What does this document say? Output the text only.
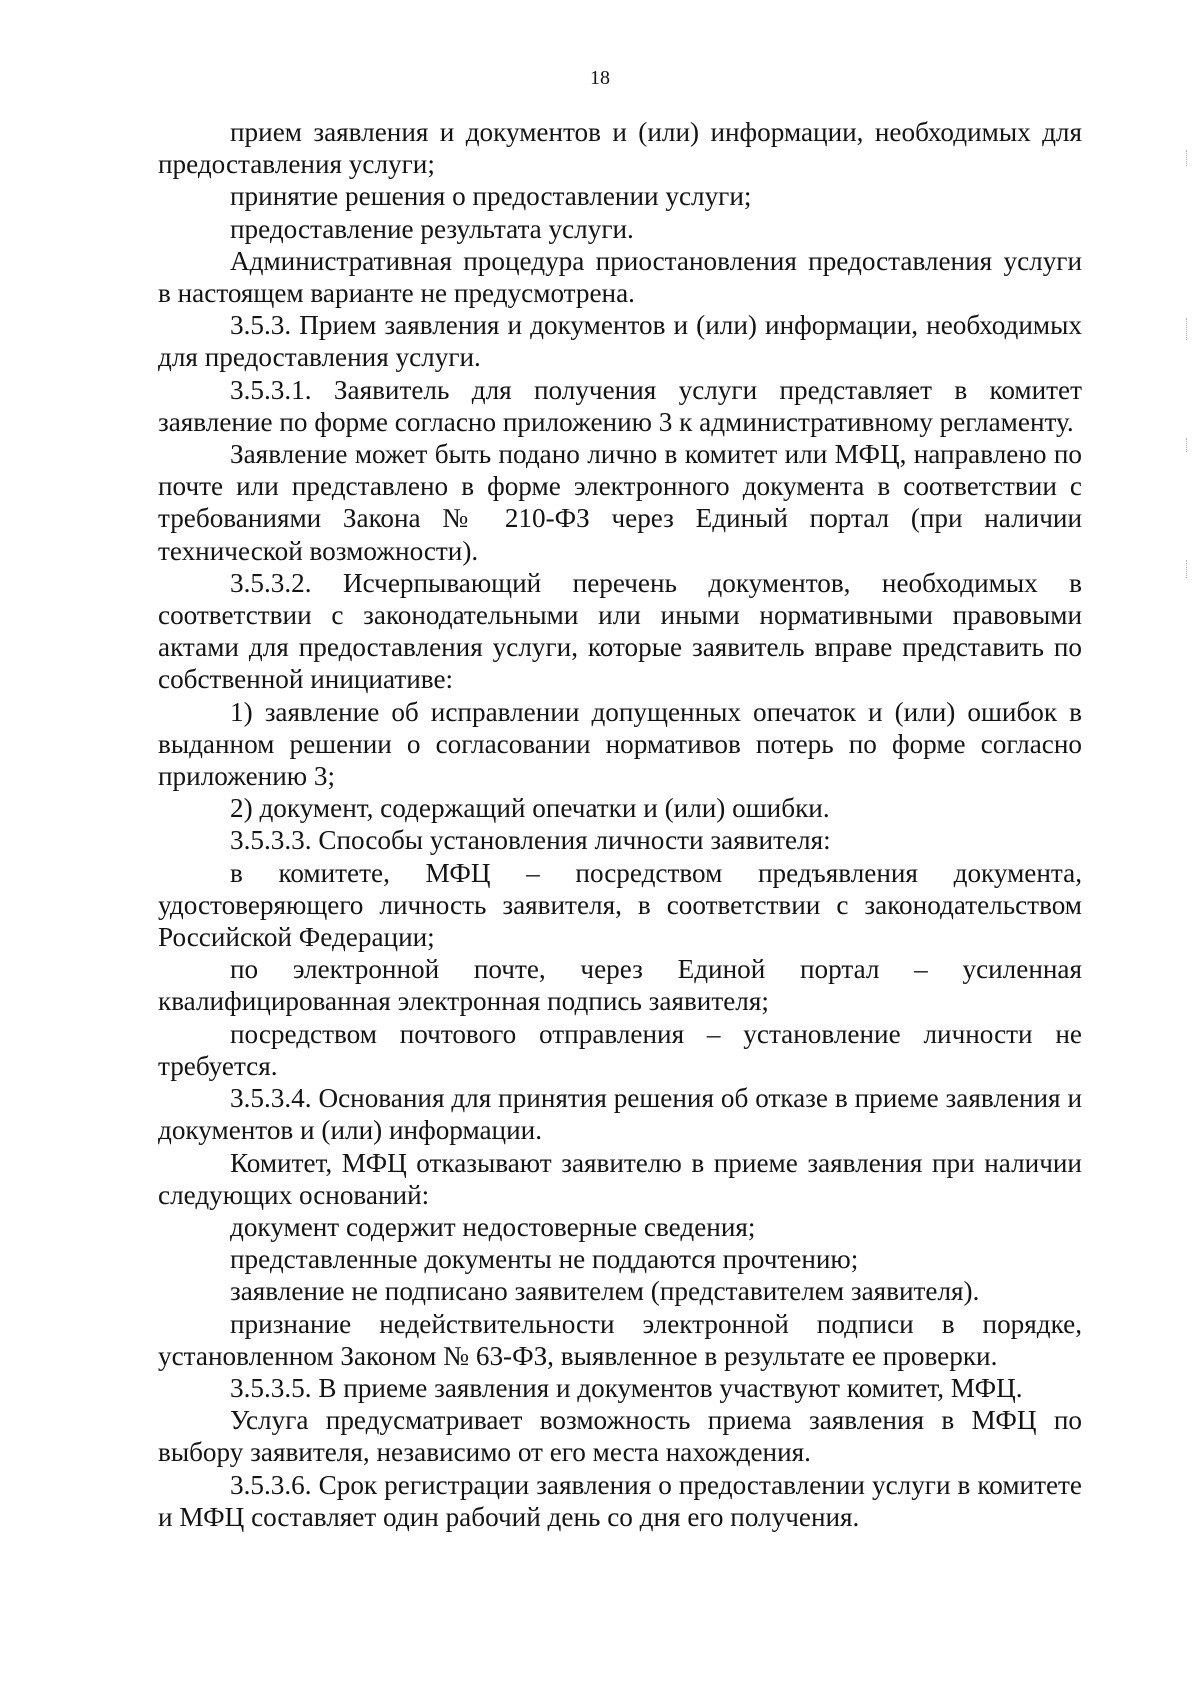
18

прием заявления и документов и (или) информации, необходимых для предоставления услуги;

принятие решения о предоставлении услуги;

предоставление результата услуги.

Административная процедура приостановления предоставления услуги в настоящем варианте не предусмотрена.

3.5.3. Прием заявления и документов и (или) информации, необходимых для предоставления услуги.

3.5.3.1. Заявитель для получения услуги представляет в комитет заявление по форме согласно приложению 3 к административному регламенту.

Заявление может быть подано лично в комитет или МФЦ, направлено по почте или представлено в форме электронного документа в соответствии с требованиями Закона № 210-ФЗ через Единый портал (при наличии технической возможности).

3.5.3.2. Исчерпывающий перечень документов, необходимых в соответствии с законодательными или иными нормативными правовыми актами для предоставления услуги, которые заявитель вправе представить по собственной инициативе:

1) заявление об исправлении допущенных опечаток и (или) ошибок в выданном решении о согласовании нормативов потерь по форме согласно приложению 3;

2) документ, содержащий опечатки и (или) ошибки.

3.5.3.3. Способы установления личности заявителя:

в комитете, МФЦ – посредством предъявления документа, удостоверяющего личность заявителя, в соответствии с законодательством Российской Федерации;

по электронной почте, через Единой портал – усиленная квалифицированная электронная подпись заявителя;

посредством почтового отправления – установление личности не требуется.

3.5.3.4. Основания для принятия решения об отказе в приеме заявления и документов и (или) информации.

Комитет, МФЦ отказывают заявителю в приеме заявления при наличии следующих оснований:

документ содержит недостоверные сведения;

представленные документы не поддаются прочтению;

заявление не подписано заявителем (представителем заявителя).

признание недействительности электронной подписи в порядке, установленном Законом № 63-ФЗ, выявленное в результате ее проверки.

3.5.3.5. В приеме заявления и документов участвуют комитет, МФЦ.

Услуга предусматривает возможность приема заявления в МФЦ по выбору заявителя, независимо от его места нахождения.

3.5.3.6. Срок регистрации заявления о предоставлении услуги в комитете и МФЦ составляет один рабочий день со дня его получения.
